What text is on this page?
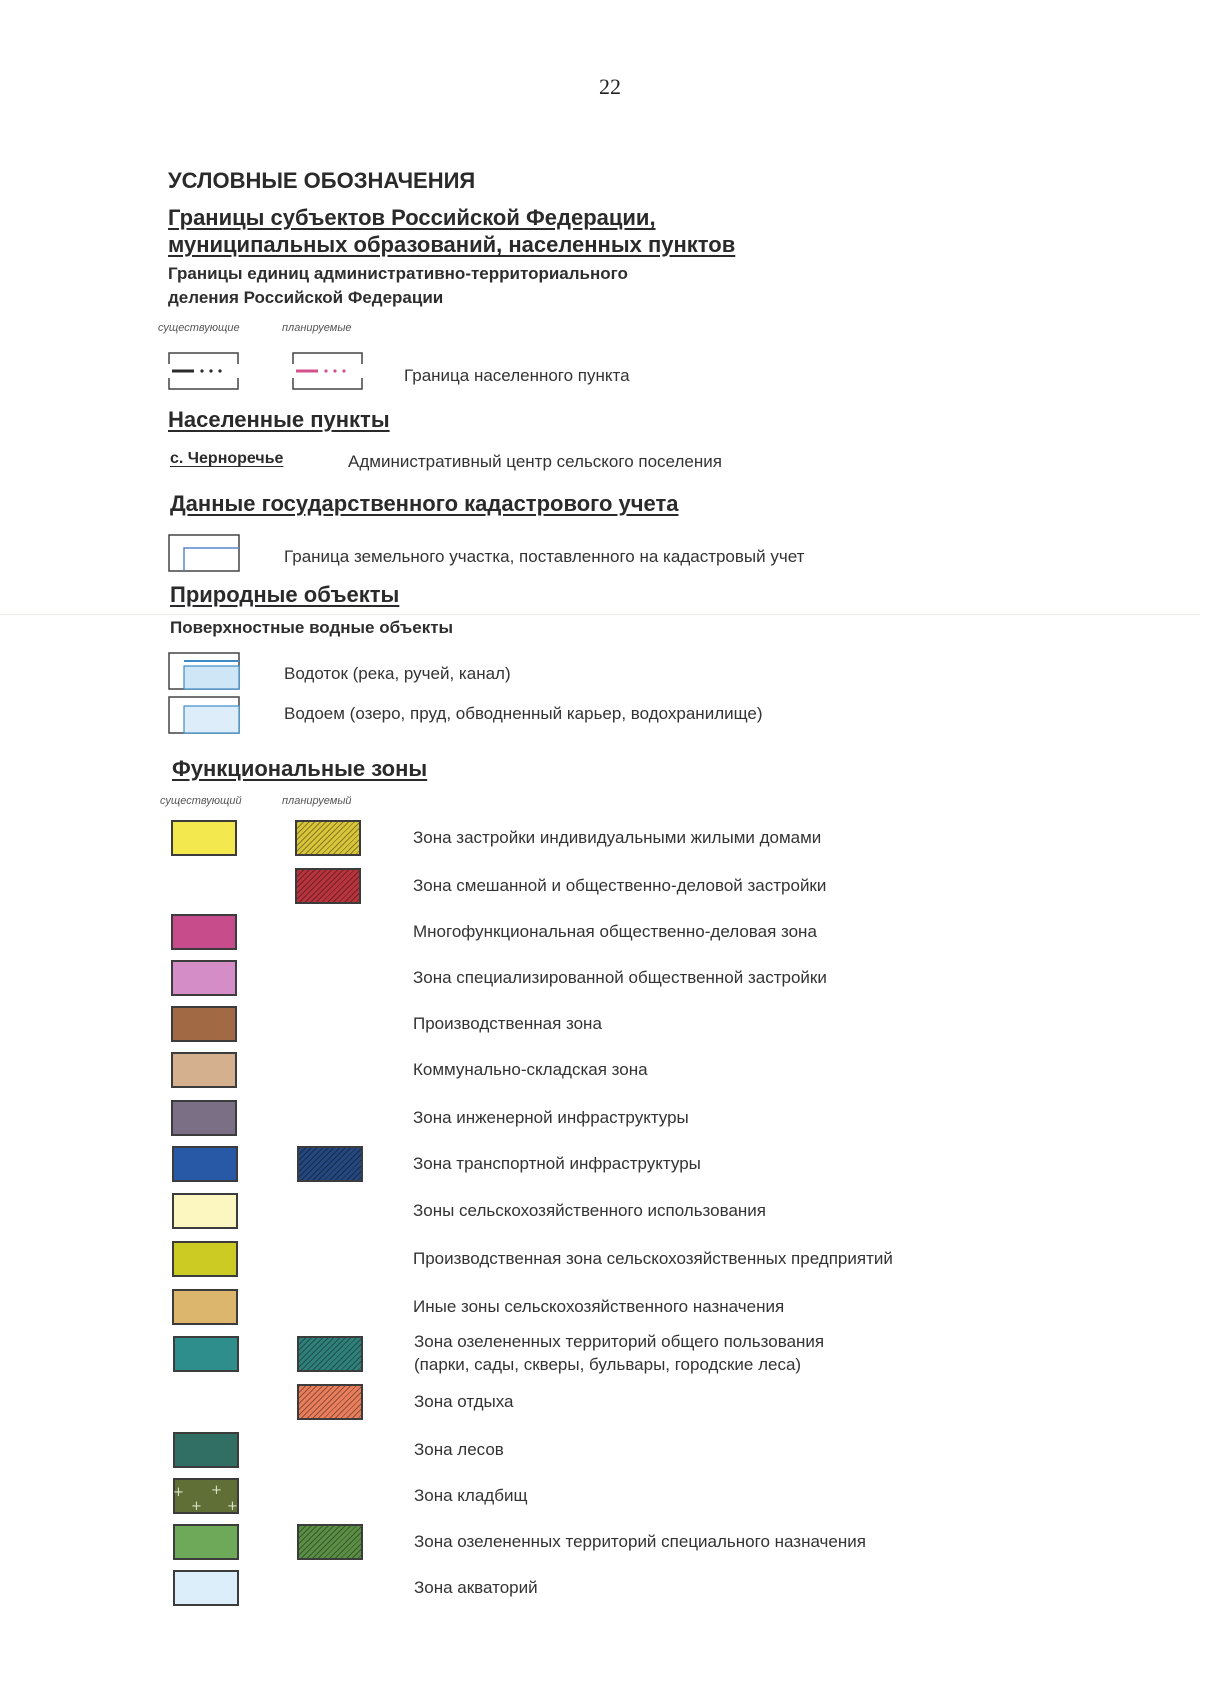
22
УСЛОВНЫЕ ОБОЗНАЧЕНИЯ
Границы субъектов Российской Федерации,
муниципальных образований, населенных пунктов
Границы единиц административно-территориального
деления Российской Федерации
существующие	планируемые
Граница населенного пункта
Населенные пункты
с. Черноречье	Административный центр сельского поселения
Данные государственного кадастрового учета
Граница земельного участка, поставленного на кадастровый учет
Природные объекты
Поверхностные водные объекты
Водоток (река, ручей, канал)
Водоем (озеро, пруд, обводненный карьер, водохранилище)
Функциональные зоны
существующий	планируемый
Зона застройки индивидуальными жилыми домами
Зона смешанной и общественно-деловой застройки
Многофункциональная общественно-деловая зона
Зона специализированной общественной застройки
Производственная зона
Коммунально-складская зона
Зона инженерной инфраструктуры
Зона транспортной инфраструктуры
Зоны сельскохозяйственного использования
Производственная зона сельскохозяйственных предприятий
Иные зоны сельскохозяйственного назначения
Зона озелененных территорий общего пользования
(парки, сады, скверы, бульвары, городские леса)
Зона отдыха
Зона лесов
+
+ +
+	Зона кладбищ
Зона озелененных территорий специального назначения
Зона акваторий
